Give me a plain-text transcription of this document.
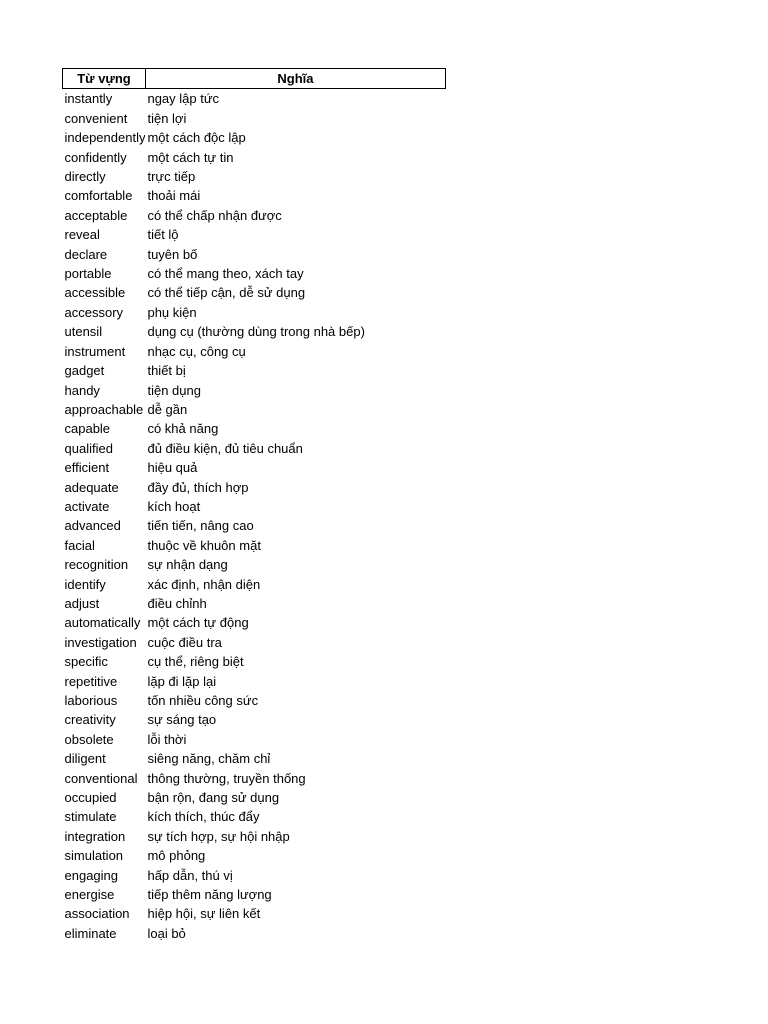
Từ vựng	Nghĩa
instantly	ngay lập tức
convenient	tiện lợi
independently	một cách độc lập
confidently	một cách tự tin
directly	trực tiếp
comfortable	thoải mái
acceptable	có thể chấp nhận được
reveal	tiết lộ
declare	tuyên bố
portable	có thể mang theo, xách tay
accessible	có thể tiếp cận, dễ sử dụng
accessory	phụ kiện
utensil	dụng cụ (thường dùng trong nhà bếp)
instrument	nhạc cụ, công cụ
gadget	thiết bị
handy	tiện dụng
approachable	dễ gần
capable	có khả năng
qualified	đủ điều kiện, đủ tiêu chuẩn
efficient	hiệu quả
adequate	đầy đủ, thích hợp
activate	kích hoạt
advanced	tiến tiến, nâng cao
facial	thuộc về khuôn mặt
recognition	sự nhận dạng
identify	xác định, nhận diện
adjust	điều chỉnh
automatically	một cách tự động
investigation	cuộc điều tra
specific	cụ thể, riêng biệt
repetitive	lặp đi lặp lại
laborious	tốn nhiều công sức
creativity	sự sáng tạo
obsolete	lỗi thời
diligent	siêng năng, chăm chỉ
conventional	thông thường, truyền thống
occupied	bận rộn, đang sử dụng
stimulate	kích thích, thúc đẩy
integration	sự tích hợp, sự hội nhập
simulation	mô phỏng
engaging	hấp dẫn, thú vị
energise	tiếp thêm năng lượng
association	hiệp hội, sự liên kết
eliminate	loại bỏ
